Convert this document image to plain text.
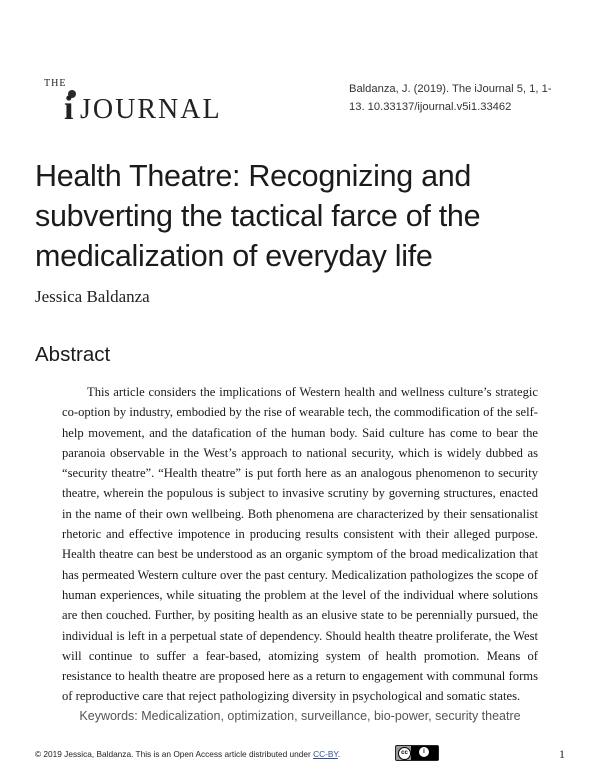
THE
i JOURNAL
Baldanza, J. (2019). The iJournal 5, 1, 1-13. 10.33137/ijournal.v5i1.33462
Health Theatre: Recognizing and subverting the tactical farce of the medicalization of everyday life

Jessica Baldanza

Abstract

This article considers the implications of Western health and wellness culture’s strategic co-option by industry, embodied by the rise of wearable tech, the commodification of the self-help movement, and the datafication of the human body. Said culture has come to bear the paranoia observable in the West’s approach to national security, which is widely dubbed as “security theatre”. “Health theatre” is put forth here as an analogous phenomenon to security theatre, wherein the populous is subject to invasive scrutiny by governing structures, enacted in the name of their own wellbeing. Both phenomena are characterized by their sensationalist rhetoric and effective impotence in producing results consistent with their alleged purpose. Health theatre can best be understood as an organic symptom of the broad medicalization that has permeated Western culture over the past century. Medicalization pathologizes the scope of human experiences, while situating the problem at the level of the individual where solutions are then couched. Further, by positing health as an elusive state to be perennially pursued, the individual is left in a perpetual state of dependency. Should health theatre proliferate, the West will continue to suffer a fear-based, atomizing system of health promotion. Means of resistance to health theatre are proposed here as a return to engagement with communal forms of reproductive care that reject pathologizing diversity in psychological and somatic states.

Keywords: Medicalization, optimization, surveillance, bio-power, security theatre
© 2019 Jessica, Baldanza. This is an Open Access article distributed under CC-BY.	cc	i	1
